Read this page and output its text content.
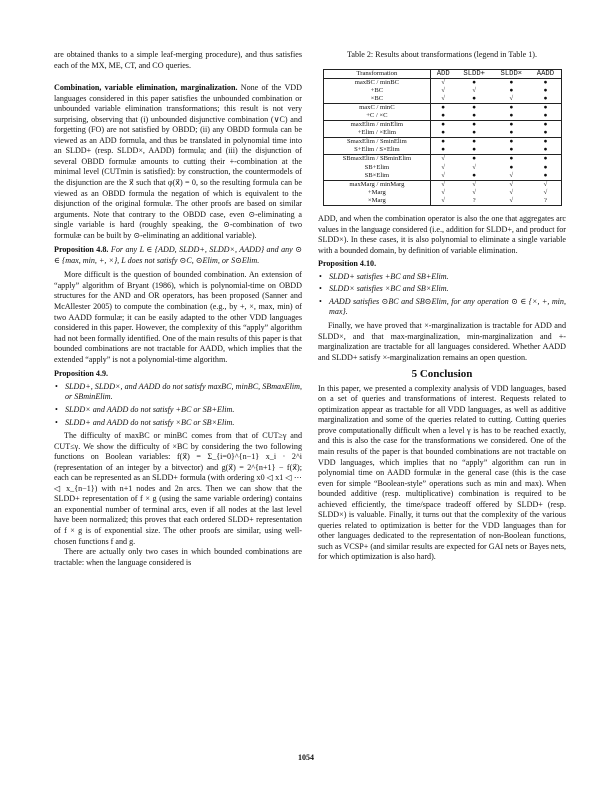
are obtained thanks to a simple leaf-merging procedure), and thus satisfies each of the MX, ME, CT, and CO queries.

Combination, variable elimination, marginalization. None of the VDD languages considered in this paper satisfies the unbounded combination or unbounded variable elimination transformations; this result is not very surprising, observing that (i) unbounded disjunctive combination (∨C) and forgetting (FO) are not satisfied by OBDD; (ii) any OBDD formula can be viewed as an ADD formula, and thus be translated in polynomial time into an SLDD+ (resp. SLDD×, AADD) formula; and (iii) the disjunction of several OBDD formulæ amounts to cutting their +-combination at the minimal level (CUTmin is satisfied): by construction, the countermodels of the disjunction are the x⃗ such that φ(x⃗) = 0, so the resulting formula can be viewed as an OBDD formula the negation of which is equivalent to the disjunction of the original formulæ. The other proofs are based on similar arguments. Note that contrary to the OBDD case, even ⊙-eliminating a single variable is hard (roughly speaking, the ⊙-combination of two formulæ can be built by ⊙-eliminating an additional variable).

Proposition 4.8. For any L ∈ {ADD, SLDD+, SLDD×, AADD} and any ⊙ ∈ {max, min, +, ×}, L does not satisfy ⊙C, ⊙Elim, or S⊙Elim.

More difficult is the question of bounded combination. An extension of “apply” algorithm of Bryant (1986), which is polynomial-time on OBDD structures for the AND and OR operators, has been proposed (Sanner and McAllester 2005) to compute the combination (e.g., by +, ×, max, min) of two AADD formulæ; it can be easily adapted to the other VDD languages considered in this paper. However, the complexity of this “apply” algorithm had not been formally identified. One of the main results of this paper is that bounded combinations are not tractable for AADD, which implies that the extended “apply” is not a polynomial-time algorithm.

Proposition 4.9.

• SLDD+, SLDD×, and AADD do not satisfy maxBC, minBC, SBmaxElim, or SBminElim.
• SLDD× and AADD do not satisfy +BC or SB+Elim.
• SLDD+ and AADD do not satisfy ×BC or SB×Elim.

The difficulty of maxBC or minBC comes from that of CUT≥γ and CUT≤γ. We show the difficulty of ×BC by considering the two following functions on Boolean variables: f(x⃗) = Σ_{i=0}^{n−1} x_i · 2^i (representation of an integer by a bitvector) and g(x⃗) = 2^{n+1} − f(x⃗); each can be represented as an SLDD+ formula (with ordering x0 ◁ x1 ◁ ⋯ ◁ x_{n−1}) with n+1 nodes and 2n arcs. Then we can show that the SLDD+ representation of f × g (using the same variable ordering) contains an exponential number of terminal arcs, even if all nodes at the last level have been normalized; this proves that each ordered SLDD+ representation of f × g is of exponential size. The other proofs are similar, using well-chosen functions f and g.

There are actually only two cases in which bounded combinations are tractable: when the language considered is

Table 2: Results about transformations (legend in Table 1).
Transformation	ADD	SLDD+	SLDD×	AADD
maxBC / minBC	√	●	●	●
+BC	√	√	●	●
×BC	√	●	√	●
maxC / minC	●	●	●	●
+C / ×C	●	●	●	●
maxElim / minElim	●	●	●	●
+Elim / ×Elim	●	●	●	●
SmaxElim / SminElim	●	●	●	●
S+Elim / S×Elim	●	●	●	●
SBmaxElim / SBminElim	√	●	●	●
SB+Elim	√	√	●	●
SB×Elim	√	●	√	●
maxMarg / minMarg	√	√	√	√
+Marg	√	√	√	√
×Marg	√	?	√	?

ADD, and when the combination operator is also the one that aggregates arc values in the language considered (i.e., addition for SLDD+, and product for SLDD×). In these cases, it is also polynomial to eliminate a single variable with a bounded domain, by definition of variable elimination.

Proposition 4.10.

• SLDD+ satisfies +BC and SB+Elim.
• SLDD× satisfies ×BC and SB×Elim.
• AADD satisfies ⊙BC and SB⊙Elim, for any operation ⊙ ∈ {×, +, min, max}.

Finally, we have proved that ×-marginalization is tractable for ADD and SLDD×, and that max-marginalization, min-marginalization and +-marginalization are tractable for all languages considered. Whether AADD and SLDD+ satisfy ×-marginalization remains an open question.

5 Conclusion

In this paper, we presented a complexity analysis of VDD languages, based on a set of queries and transformations of interest. Requests related to optimization appear as tractable for all VDD languages, as well as additive marginalization and some of the queries related to cutting. Cutting queries prove computationally difficult when a level γ is has to be reached exactly, and this is also the case for the transformations we considered. One of the main results of the paper is that bounded combinations are not tractable on VDD languages, which implies that no “apply” algorithm can run in polynomial time on AADD formulæ in the general case (this is the case even for simple “Boolean-style” operations such as min and max). When bounded additive (resp. multiplicative) combination is required to be achieved efficiently, the time/space tradeoff offered by SLDD+ (resp. SLDD×) is valuable. Finally, it turns out that the complexity of the various queries related to optimization is better for the VDD languages than for other languages dedicated to the representation of non-Boolean functions, such as VCSP+ (and similar results are expected for GAI nets or Bayes nets, for which optimization is also hard).

1054
